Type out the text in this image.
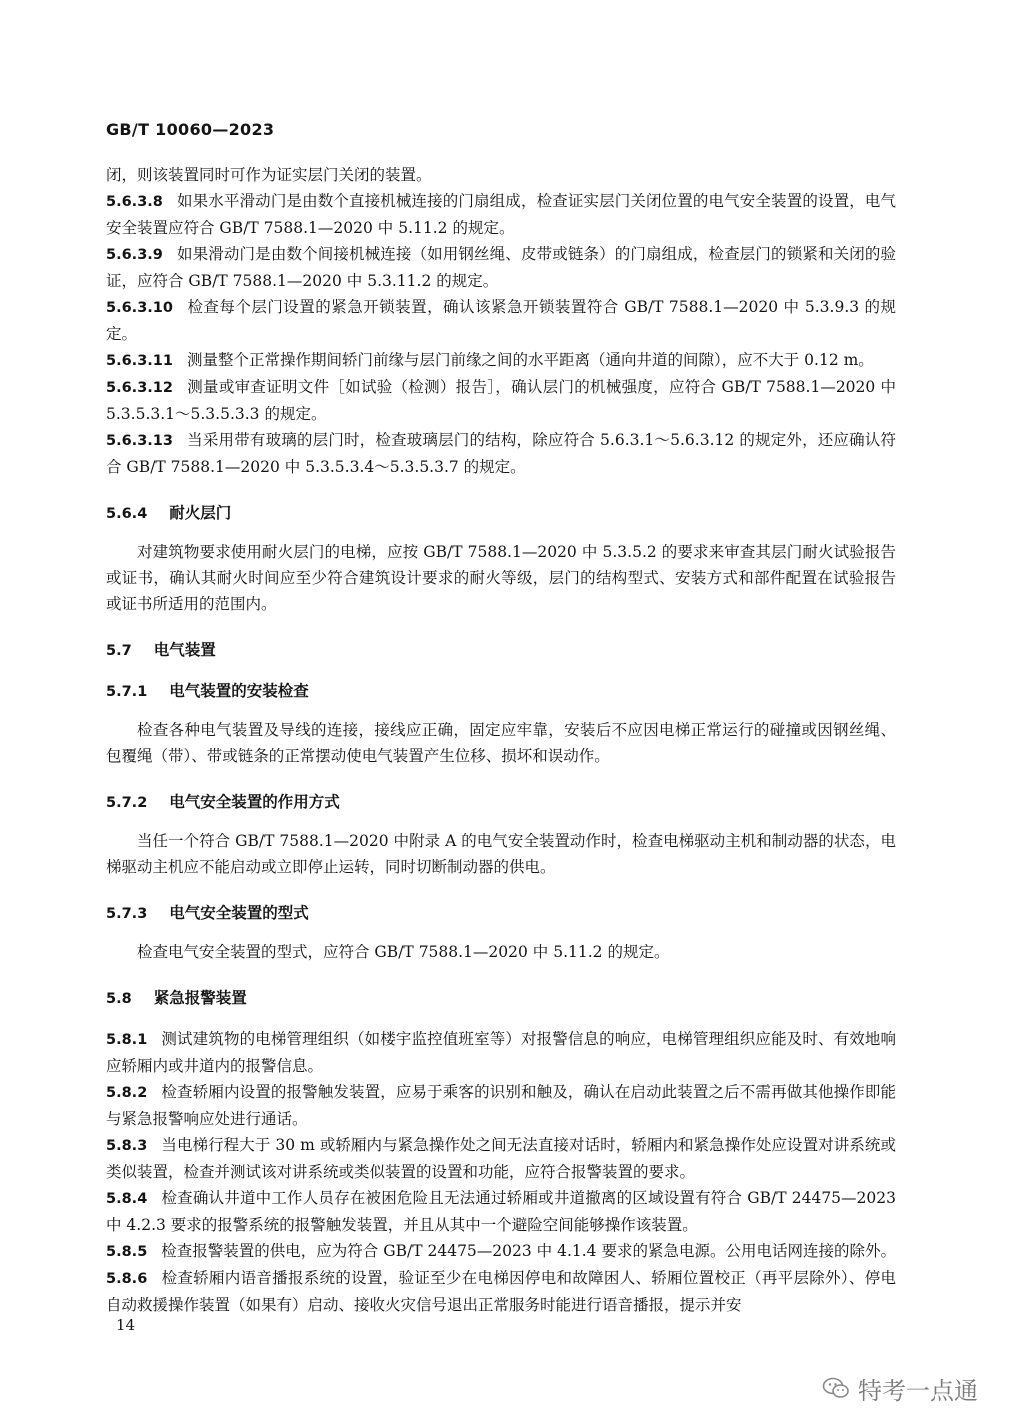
GB/T 10060—2023

闭，则该装置同时可作为证实层门关闭的装置。

5.6.3.8 如果水平滑动门是由数个直接机械连接的门扇组成，检查证实层门关闭位置的电气安全装置的设置，电气安全装置应符合 GB/T 7588.1—2020 中 5.11.2 的规定。

5.6.3.9 如果滑动门是由数个间接机械连接（如用钢丝绳、皮带或链条）的门扇组成，检查层门的锁紧和关闭的验证，应符合 GB/T 7588.1—2020 中 5.3.11.2 的规定。

5.6.3.10 检查每个层门设置的紧急开锁装置，确认该紧急开锁装置符合 GB/T 7588.1—2020 中 5.3.9.3 的规定。

5.6.3.11 测量整个正常操作期间轿门前缘与层门前缘之间的水平距离（通向井道的间隙），应不大于 0.12 m。

5.6.3.12 测量或审查证明文件［如试验（检测）报告］，确认层门的机械强度，应符合 GB/T 7588.1—2020 中 5.3.5.3.1～5.3.5.3.3 的规定。

5.6.3.13 当采用带有玻璃的层门时，检查玻璃层门的结构，除应符合 5.6.3.1～5.6.3.12 的规定外，还应确认符合 GB/T 7588.1—2020 中 5.3.5.3.4～5.3.5.3.7 的规定。

5.6.4 耐火层门

对建筑物要求使用耐火层门的电梯，应按 GB/T 7588.1—2020 中 5.3.5.2 的要求来审查其层门耐火试验报告或证书，确认其耐火时间应至少符合建筑设计要求的耐火等级，层门的结构型式、安装方式和部件配置在试验报告或证书所适用的范围内。

5.7 电气装置

5.7.1 电气装置的安装检查

检查各种电气装置及导线的连接，接线应正确，固定应牢靠，安装后不应因电梯正常运行的碰撞或因钢丝绳、包覆绳（带）、带或链条的正常摆动使电气装置产生位移、损坏和误动作。

5.7.2 电气安全装置的作用方式

当任一个符合 GB/T 7588.1—2020 中附录 A 的电气安全装置动作时，检查电梯驱动主机和制动器的状态，电梯驱动主机应不能启动或立即停止运转，同时切断制动器的供电。

5.7.3 电气安全装置的型式

检查电气安全装置的型式，应符合 GB/T 7588.1—2020 中 5.11.2 的规定。

5.8 紧急报警装置

5.8.1 测试建筑物的电梯管理组织（如楼宇监控值班室等）对报警信息的响应，电梯管理组织应能及时、有效地响应轿厢内或井道内的报警信息。

5.8.2 检查轿厢内设置的报警触发装置，应易于乘客的识别和触及，确认在启动此装置之后不需再做其他操作即能与紧急报警响应处进行通话。

5.8.3 当电梯行程大于 30 m 或轿厢内与紧急操作处之间无法直接对话时，轿厢内和紧急操作处应设置对讲系统或类似装置，检查并测试该对讲系统或类似装置的设置和功能，应符合报警装置的要求。

5.8.4 检查确认井道中工作人员存在被困危险且无法通过轿厢或井道撤离的区域设置有符合 GB/T 24475—2023 中 4.2.3 要求的报警系统的报警触发装置，并且从其中一个避险空间能够操作该装置。

5.8.5 检查报警装置的供电，应为符合 GB/T 24475—2023 中 4.1.4 要求的紧急电源。公用电话网连接的除外。

5.8.6 检查轿厢内语音播报系统的设置，验证至少在电梯因停电和故障困人、轿厢位置校正（再平层除外）、停电自动救援操作装置（如果有）启动、接收火灾信号退出正常服务时能进行语音播报，提示并安

14
特考一点通
